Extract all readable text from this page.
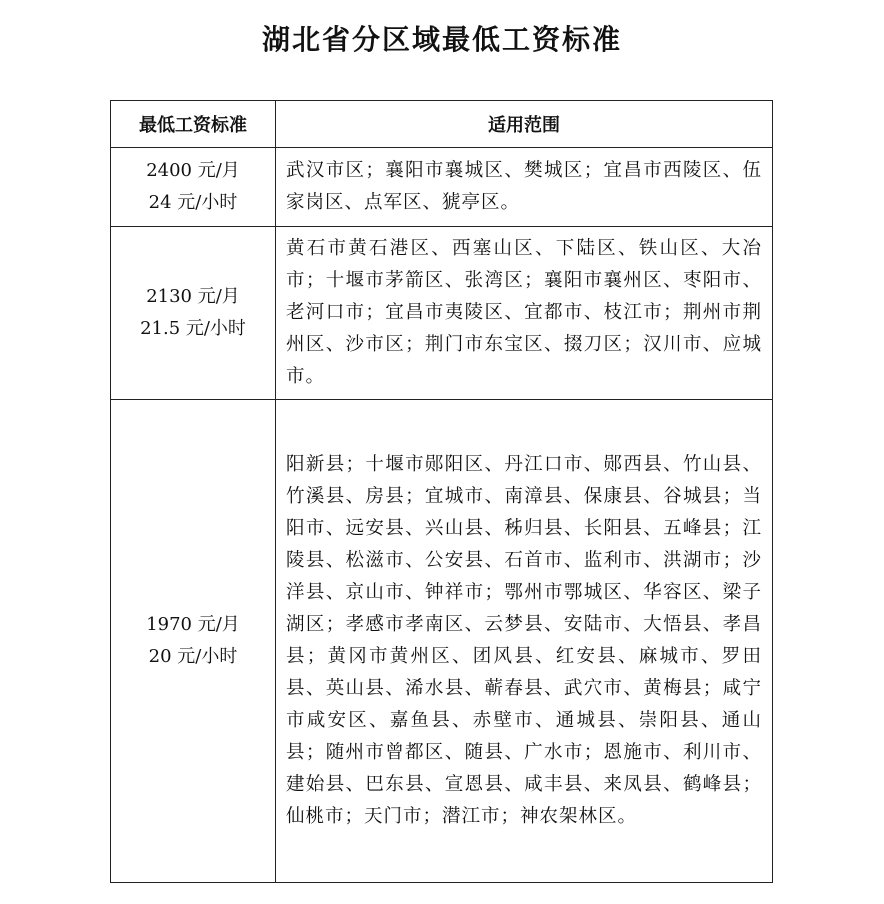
湖北省分区域最低工资标准
最低工资标准	适用范围

2400 元/月
24 元/小时	武汉市区；襄阳市襄城区、樊城区；宜昌市西陵区、伍家岗区、点军区、猇亭区。

2130 元/月
21.5 元/小时	黄石市黄石港区、西塞山区、下陆区、铁山区、大冶市；十堰市茅箭区、张湾区；襄阳市襄州区、枣阳市、老河口市；宜昌市夷陵区、宜都市、枝江市；荆州市荆州区、沙市区；荆门市东宝区、掇刀区；汉川市、应城市。

1970 元/月
20 元/小时	阳新县；十堰市郧阳区、丹江口市、郧西县、竹山县、竹溪县、房县；宜城市、南漳县、保康县、谷城县；当阳市、远安县、兴山县、秭归县、长阳县、五峰县；江陵县、松滋市、公安县、石首市、监利市、洪湖市；沙洋县、京山市、钟祥市；鄂州市鄂城区、华容区、梁子湖区；孝感市孝南区、云梦县、安陆市、大悟县、孝昌县；黄冈市黄州区、团风县、红安县、麻城市、罗田县、英山县、浠水县、蕲春县、武穴市、黄梅县；咸宁市咸安区、嘉鱼县、赤壁市、通城县、崇阳县、通山县；随州市曾都区、随县、广水市；恩施市、利川市、建始县、巴东县、宣恩县、咸丰县、来凤县、鹤峰县；仙桃市；天门市；潜江市；神农架林区。
